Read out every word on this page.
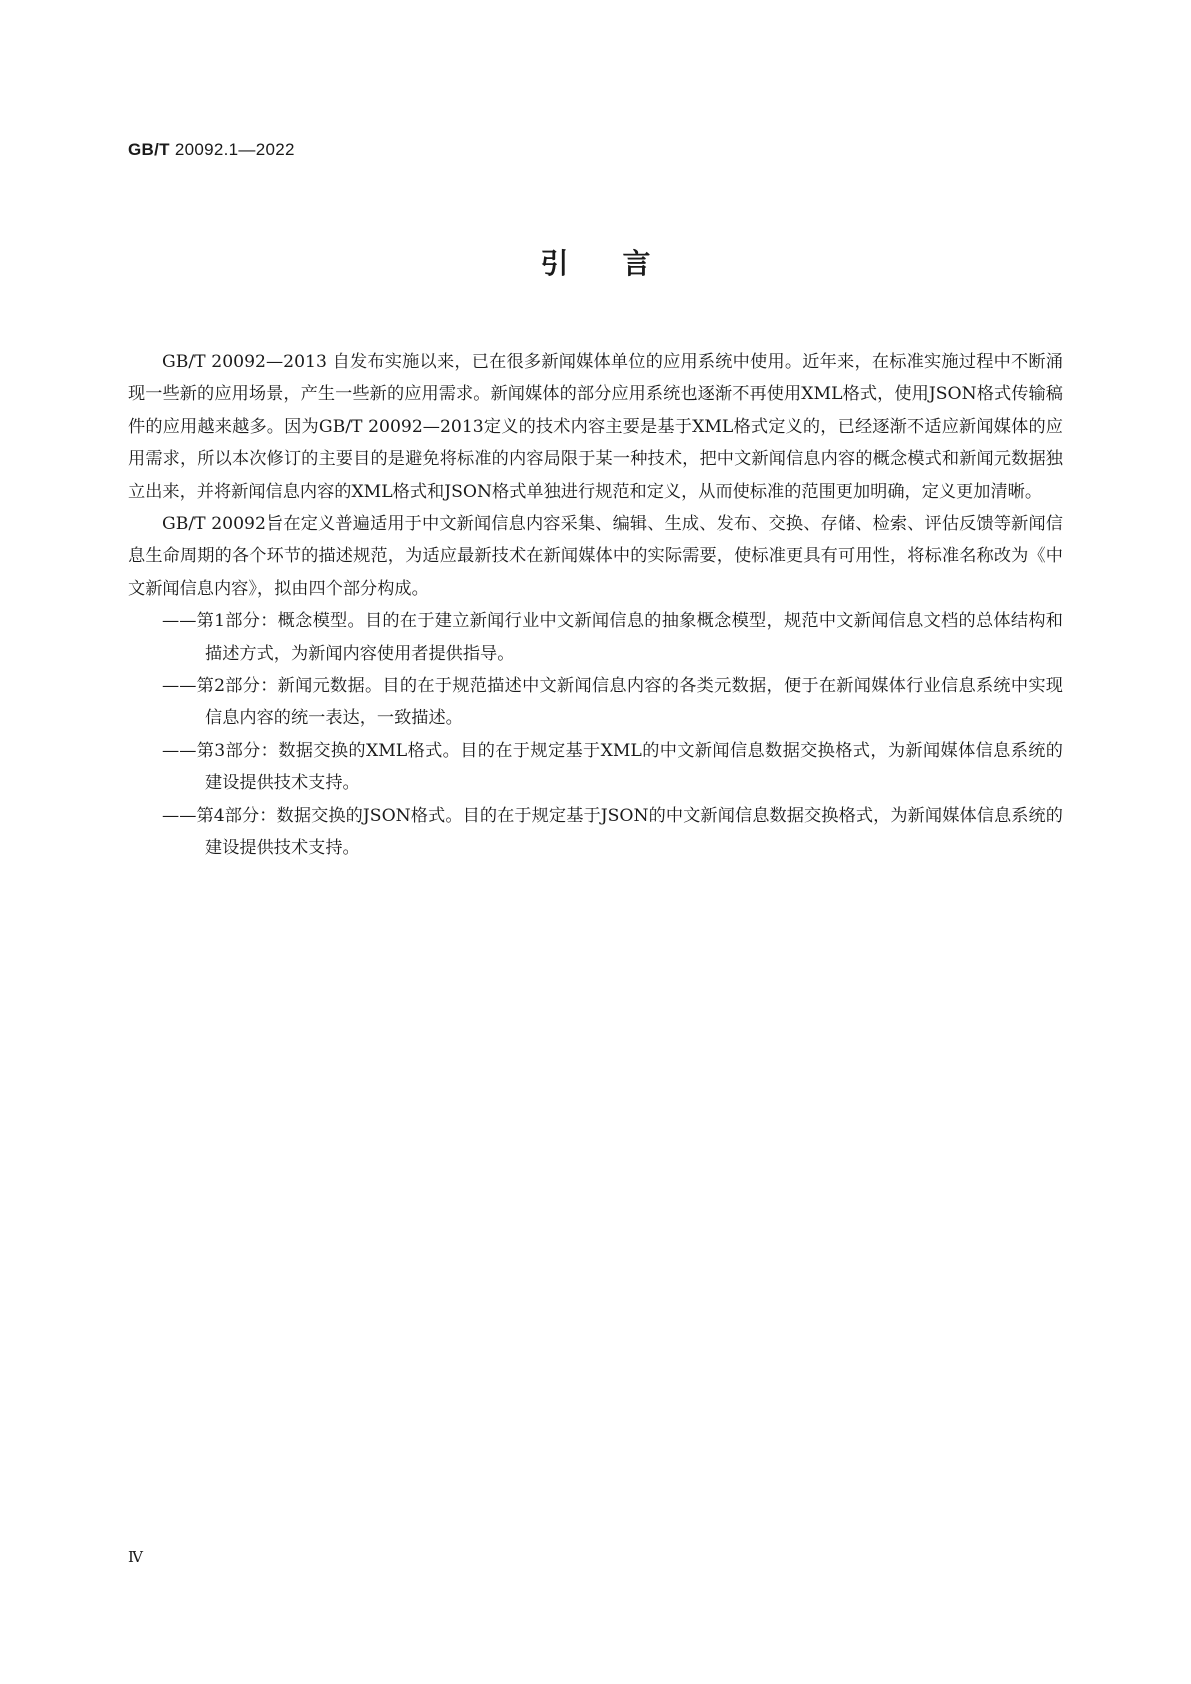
GB/T 20092.1—2022
引言

GB/T 20092—2013 自发布实施以来，已在很多新闻媒体单位的应用系统中使用。近年来，在标准实施过程中不断涌现一些新的应用场景，产生一些新的应用需求。新闻媒体的部分应用系统也逐渐不再使用XML格式，使用JSON格式传输稿件的应用越来越多。因为GB/T 20092—2013定义的技术内容主要是基于XML格式定义的，已经逐渐不适应新闻媒体的应用需求，所以本次修订的主要目的是避免将标准的内容局限于某一种技术，把中文新闻信息内容的概念模式和新闻元数据独立出来，并将新闻信息内容的XML格式和JSON格式单独进行规范和定义，从而使标准的范围更加明确，定义更加清晰。

GB/T 20092旨在定义普遍适用于中文新闻信息内容采集、编辑、生成、发布、交换、存储、检索、评估反馈等新闻信息生命周期的各个环节的描述规范，为适应最新技术在新闻媒体中的实际需要，使标准更具有可用性，将标准名称改为《中文新闻信息内容》，拟由四个部分构成。

——第1部分：概念模型。目的在于建立新闻行业中文新闻信息的抽象概念模型，规范中文新闻信息文档的总体结构和描述方式，为新闻内容使用者提供指导。

——第2部分：新闻元数据。目的在于规范描述中文新闻信息内容的各类元数据，便于在新闻媒体行业信息系统中实现信息内容的统一表达，一致描述。

——第3部分：数据交换的XML格式。目的在于规定基于XML的中文新闻信息数据交换格式，为新闻媒体信息系统的建设提供技术支持。

——第4部分：数据交换的JSON格式。目的在于规定基于JSON的中文新闻信息数据交换格式，为新闻媒体信息系统的建设提供技术支持。

Ⅳ
